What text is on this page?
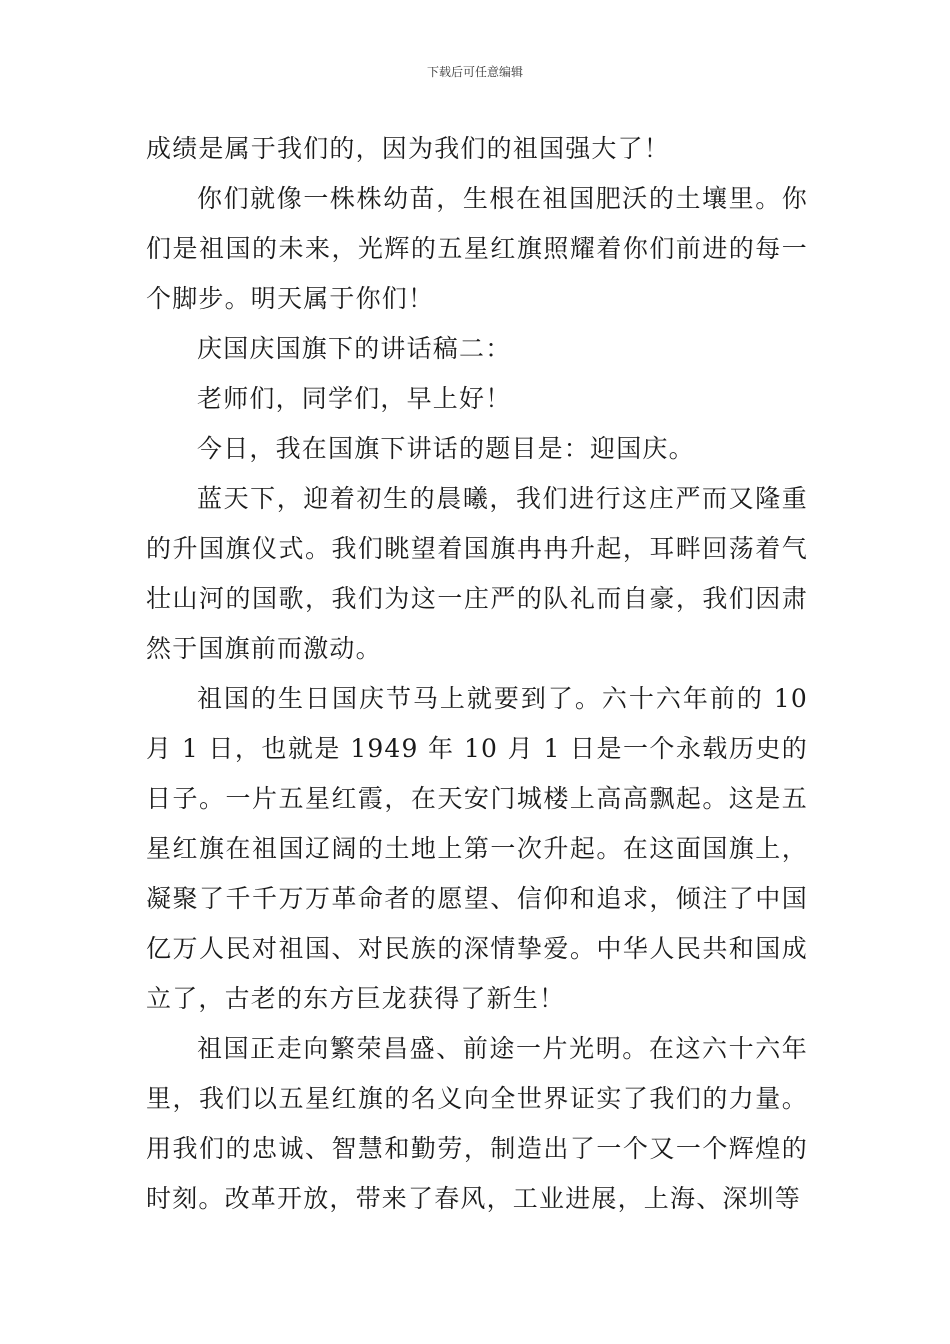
下载后可任意编辑

成绩是属于我们的，因为我们的祖国强大了！

你们就像一株株幼苗，生根在祖国肥沃的土壤里。你们是祖国的未来，光辉的五星红旗照耀着你们前进的每一个脚步。明天属于你们！

庆国庆国旗下的讲话稿二：

老师们，同学们，早上好！

今日，我在国旗下讲话的题目是：迎国庆。

蓝天下，迎着初生的晨曦，我们进行这庄严而又隆重的升国旗仪式。我们眺望着国旗冉冉升起，耳畔回荡着气壮山河的国歌，我们为这一庄严的队礼而自豪，我们因肃然于国旗前而激动。

祖国的生日国庆节马上就要到了。六十六年前的 10 月 1 日，也就是 1949 年 10 月 1 日是一个永载历史的日子。一片五星红霞，在天安门城楼上高高飘起。这是五星红旗在祖国辽阔的土地上第一次升起。在这面国旗上，凝聚了千千万万革命者的愿望、信仰和追求，倾注了中国亿万人民对祖国、对民族的深情挚爱。中华人民共和国成立了，古老的东方巨龙获得了新生！

祖国正走向繁荣昌盛、前途一片光明。在这六十六年里，我们以五星红旗的名义向全世界证实了我们的力量。用我们的忠诚、智慧和勤劳，制造出了一个又一个辉煌的时刻。改革开放，带来了春风，工业进展，上海、深圳等
